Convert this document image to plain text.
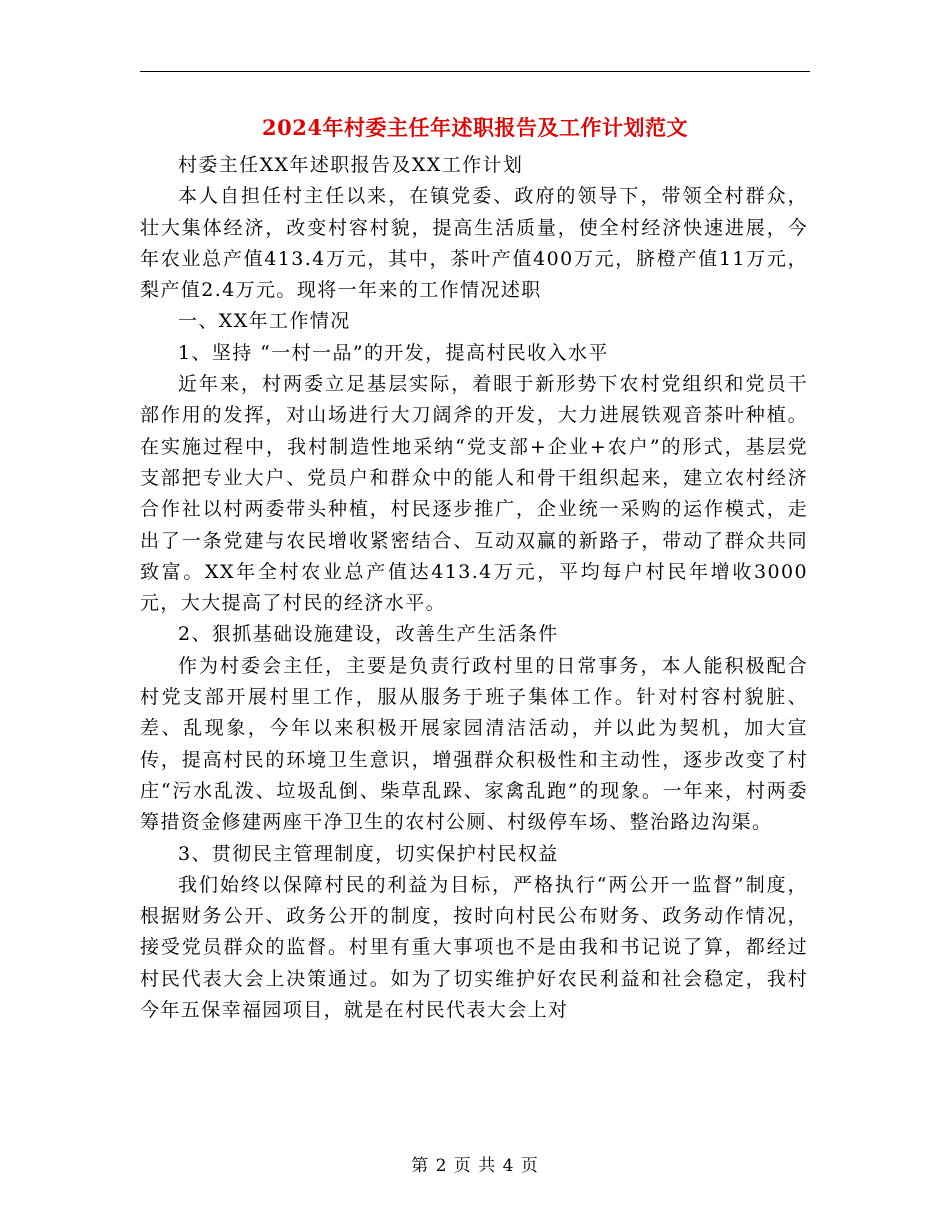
2024年村委主任年述职报告及工作计划范文

村委主任XX年述职报告及XX工作计划

本人自担任村主任以来，在镇党委、政府的领导下，带领全村群众，壮大集体经济，改变村容村貌，提高生活质量，使全村经济快速进展，今年农业总产值413.4万元，其中，茶叶产值400万元，脐橙产值11万元，梨产值2.4万元。现将一年来的工作情况述职

一、XX年工作情况

1、坚持 “一村一品”的开发，提高村民收入水平

近年来，村两委立足基层实际，着眼于新形势下农村党组织和党员干部作用的发挥，对山场进行大刀阔斧的开发，大力进展铁观音茶叶种植。在实施过程中，我村制造性地采纳“党支部+企业+农户”的形式，基层党支部把专业大户、党员户和群众中的能人和骨干组织起来，建立农村经济合作社以村两委带头种植，村民逐步推广，企业统一采购的运作模式，走出了一条党建与农民增收紧密结合、互动双赢的新路子，带动了群众共同致富。XX年全村农业总产值达413.4万元，平均每户村民年增收3000元，大大提高了村民的经济水平。

2、狠抓基础设施建设，改善生产生活条件

作为村委会主任，主要是负责行政村里的日常事务，本人能积极配合村党支部开展村里工作，服从服务于班子集体工作。针对村容村貌脏、差、乱现象，今年以来积极开展家园清洁活动，并以此为契机，加大宣传，提高村民的环境卫生意识，增强群众积极性和主动性，逐步改变了村庄“污水乱泼、垃圾乱倒、柴草乱跺、家禽乱跑”的现象。一年来，村两委筹措资金修建两座干净卫生的农村公厕、村级停车场、整治路边沟渠。

3、贯彻民主管理制度，切实保护村民权益

我们始终以保障村民的利益为目标，严格执行“两公开一监督”制度，根据财务公开、政务公开的制度，按时向村民公布财务、政务动作情况，接受党员群众的监督。村里有重大事项也不是由我和书记说了算，都经过村民代表大会上决策通过。如为了切实维护好农民利益和社会稳定，我村今年五保幸福园项目，就是在村民代表大会上对

第 2 页 共 4 页
